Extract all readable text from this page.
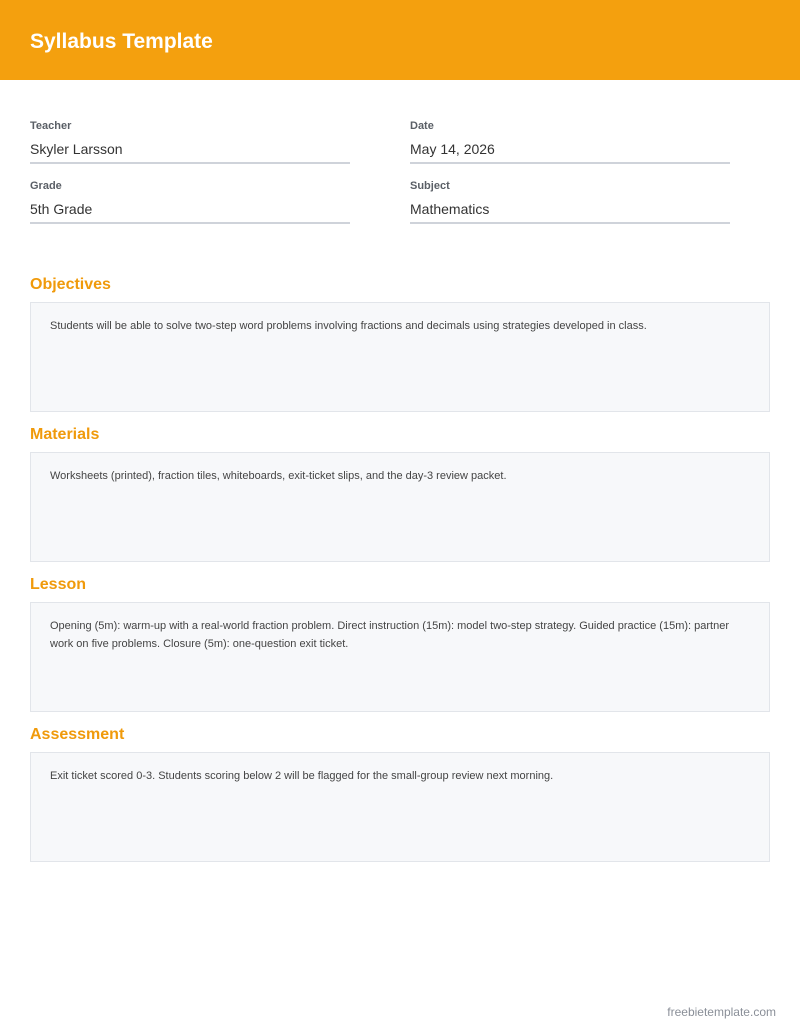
Syllabus Template
Teacher
Skyler Larsson
Date
May 14, 2026
Grade
5th Grade
Subject
Mathematics
Objectives
Students will be able to solve two-step word problems involving fractions and decimals using strategies developed in class.
Materials
Worksheets (printed), fraction tiles, whiteboards, exit-ticket slips, and the day-3 review packet.
Lesson
Opening (5m): warm-up with a real-world fraction problem. Direct instruction (15m): model two-step strategy. Guided practice (15m): partner work on five problems. Closure (5m): one-question exit ticket.
Assessment
Exit ticket scored 0-3. Students scoring below 2 will be flagged for the small-group review next morning.
freebietemplate.com
